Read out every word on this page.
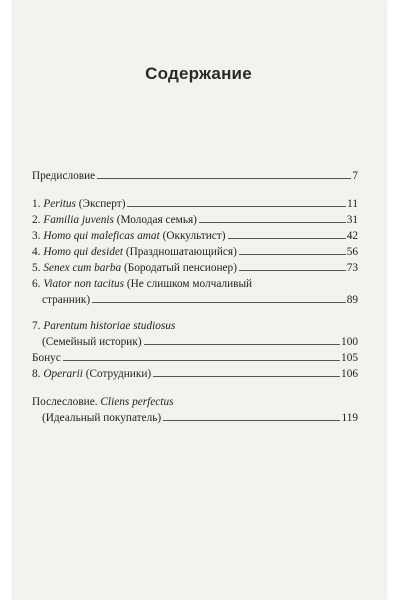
Содержание
Предисловие	7
1. Peritus (Эксперт)	11
2. Familia juvenis (Молодая семья)	31
3. Homo qui maleficas amat (Оккультист)	42
4. Homo qui desidet (Праздношатающийся)	56
5. Senex cum barba (Бородатый пенсионер)	73
6. Viator non tacitus (Не слишком молчаливый
странник)	89
7. Parentum historiae studiosus
(Семейный историк)	100
Бонус	105
8. Operarii (Сотрудники)	106
Послесловие. Cliens perfectus
(Идеальный покупатель)	119
